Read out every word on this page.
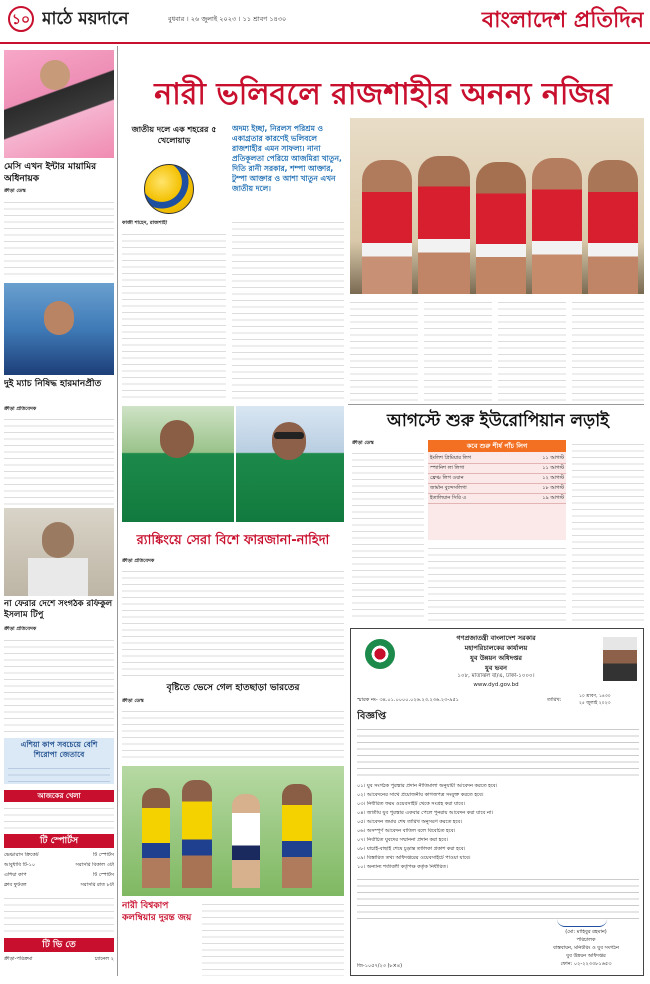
১০ মাঠে ময়দানে	বুধবার । ২৬ জুলাই ২০২৩ । ১১ শ্রাবণ ১৪৩০	বাংলাদেশ প্রতিদিন
মেসি এখন ইন্টার মায়ামির অধিনায়ক
ক্রীড়া ডেস্ক
দুই ম্যাচ নিষিদ্ধ হারমানপ্রীত
ক্রীড়া প্রতিবেদক
না ফেরার দেশে সংগঠক রফিকুল ইসলাম টিপু
ক্রীড়া প্রতিবেদক
এশিয়া কাপ সবচেয়ে বেশি শিরোপা জেতাবে
আজকের খেলা
টি স্পোর্টস
ভেঞ্চারাস ক্রিকেট	টি স্পোর্টস
আবুধাবি টি-১০	সরাসরি বিকাল ৩টা
এশিয়া কাপ	টি স্পোর্টস
ক্লাব ফুটবল	সরাসরি রাত ৮টা
টি ভি তে
ক্রীড়া-পরিক্রমা	চ্যানেল ২
নারী ভলিবলে রাজশাহীর অনন্য নজির
জাতীয় দলে এক শহরের ৫ খেলোয়াড়
অদম্য ইচ্ছা, নিরলস পরিশ্রম ও একাগ্রতার কারণেই ভলিবলে রাজশাহীর এমন সাফল্য। নানা প্রতিকূলতা পেরিয়ে আজমিরা খাতুন, দিতি রানী সরকার, শম্পা আক্তার, টুম্পা আক্তার ও আশা খাতুন এখন জাতীয় দলে।
কাজী শাহেদ, রাজশাহী
র‍্যাঙ্কিংয়ে সেরা বিশে ফারজানা-নাহিদা
ক্রীড়া প্রতিবেদক
বৃষ্টিতে ভেসে গেল হাতছাড়া ভারতের
ক্রীড়া ডেস্ক
নারী বিশ্বকাপ কলম্বিয়ার দুরন্ত জয়
আগস্টে শুরু ইউরোপিয়ান লড়াই
ক্রীড়া ডেস্ক	কবে শুরু শীর্ষ পাঁচ লিগ
ইংলিশ প্রিমিয়ার লিগ	১১ আগস্ট
স্প্যানিশ লা লিগা	১১ আগস্ট
ফ্রেঞ্চ লিগ ওয়ান	১২ আগস্ট
জার্মান বুন্দেসলিগা	১৮ আগস্ট
ইতালিয়ান সিরি এ	১৯ আগস্ট
গণপ্রজাতন্ত্রী বাংলাদেশ সরকার
মহাপরিচালকের কার্যালয়
যুব উন্নয়ন অধিদপ্তর
যুব ভবন
১০৮, মতিঝিল বা/এ, ঢাকা-১০০০।
www.dyd.gov.bd
স্মারক নং- ৩৪.০১.০০০০.০২৬.২৩.২৩৬.২৩-৯৫১	তারিখ:
১০ শ্রাবণ, ১৪৩০
২৫ জুলাই ২০২৩
বিজ্ঞপ্তি
০১। যুব সংগঠক পুরস্কার প্রদান নীতিমালা অনুযায়ী আবেদন করতে হবে।
০২। আবেদনের সাথে প্রয়োজনীয় কাগজপত্র সংযুক্ত করতে হবে।
০৩। নির্ধারিত ফরম ওয়েবসাইট থেকে সংগ্রহ করা যাবে।
০৪। জাতীয় যুব পুরস্কার একবার পেলে পুনরায় আবেদন করা যাবে না।
০৫। আবেদন জমার শেষ তারিখ অনুসরণ করতে হবে।
০৬। অসম্পূর্ণ আবেদন বাতিল বলে বিবেচিত হবে।
০৭। নির্বাচিত যুবদের সম্মাননা প্রদান করা হবে।
০৮। যাচাই-বাছাই শেষে চূড়ান্ত তালিকা প্রকাশ করা হবে।
০৯। বিস্তারিত তথ্য অধিদপ্তরের ওয়েবসাইটে পাওয়া যাবে।
১০। অন্যান্য শর্তাবলী কর্তৃপক্ষ কর্তৃক নির্ধারিত।
(মো: মাহিবুর রহমান)
পরিচালক
বাস্তবায়ন, মনিটরিং ও যুব সংগঠন
যুব উন্নয়ন অধিদপ্তর
ফোন: ০২-২২৩৩৮১৬৫৩
জি-১০৫৭/২৩ (৮×৪)
